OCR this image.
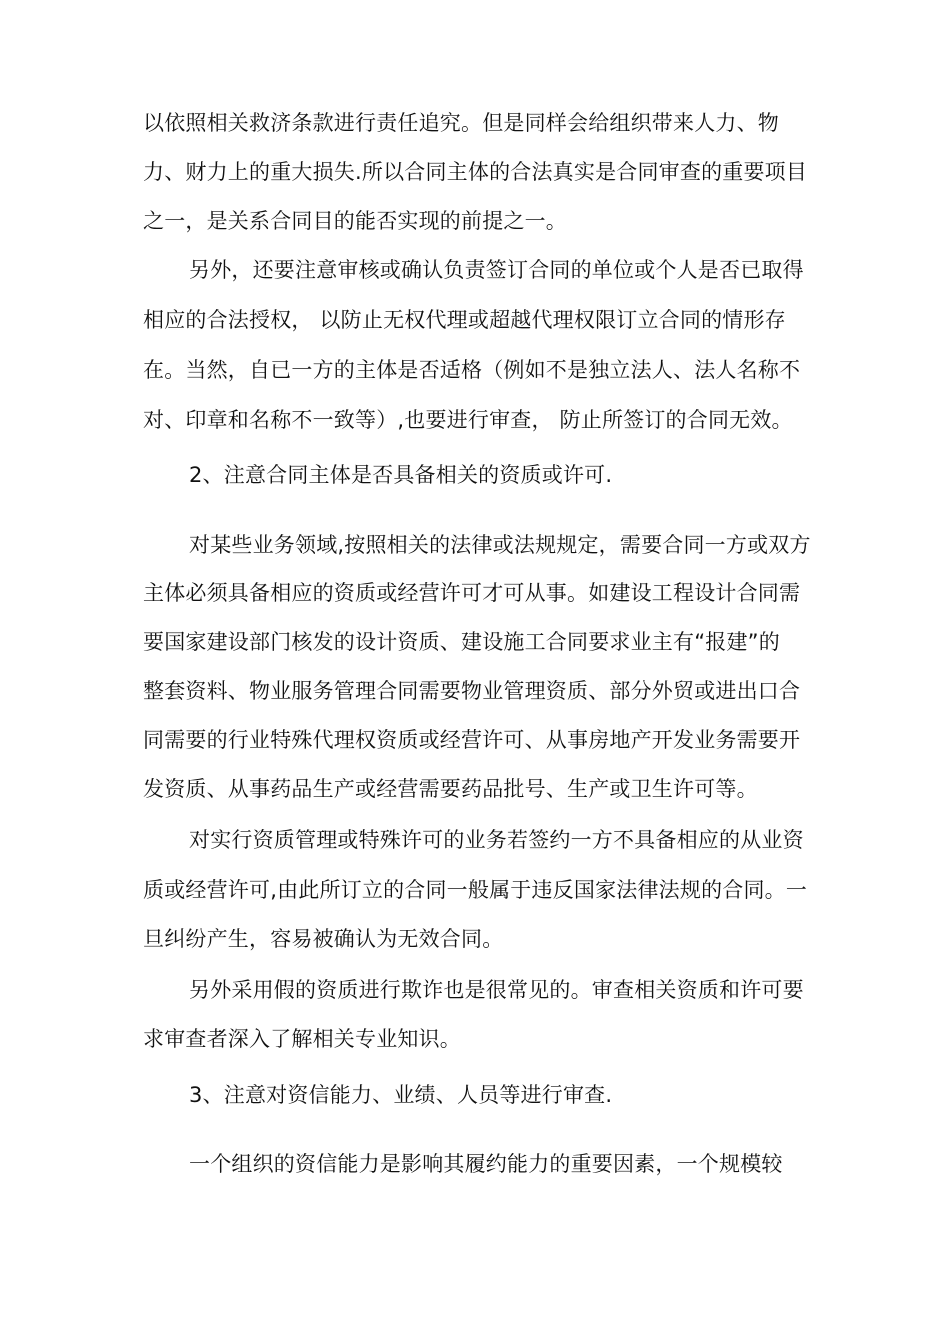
以依照相关救济条款进行责任追究。但是同样会给组织带来人力、物
力、财力上的重大损失.所以合同主体的合法真实是合同审查的重要项目
之一，是关系合同目的能否实现的前提之一。
另外，还要注意审核或确认负责签订合同的单位或个人是否已取得
相应的合法授权， 以防止无权代理或超越代理权限订立合同的情形存
在。当然，自已一方的主体是否适格（例如不是独立法人、法人名称不
对、印章和名称不一致等）,也要进行审查， 防止所签订的合同无效。
2、注意合同主体是否具备相关的资质或许可.
对某些业务领域,按照相关的法律或法规规定，需要合同一方或双方
主体必须具备相应的资质或经营许可才可从事。如建设工程设计合同需
要国家建设部门核发的设计资质、建设施工合同要求业主有“报建”的
整套资料、物业服务管理合同需要物业管理资质、部分外贸或进出口合
同需要的行业特殊代理权资质或经营许可、从事房地产开发业务需要开
发资质、从事药品生产或经营需要药品批号、生产或卫生许可等。
对实行资质管理或特殊许可的业务若签约一方不具备相应的从业资
质或经营许可,由此所订立的合同一般属于违反国家法律法规的合同。一
旦纠纷产生，容易被确认为无效合同。
另外采用假的资质进行欺诈也是很常见的。审查相关资质和许可要
求审查者深入了解相关专业知识。
3、注意对资信能力、业绩、人员等进行审查.
一个组织的资信能力是影响其履约能力的重要因素，一个规模较
